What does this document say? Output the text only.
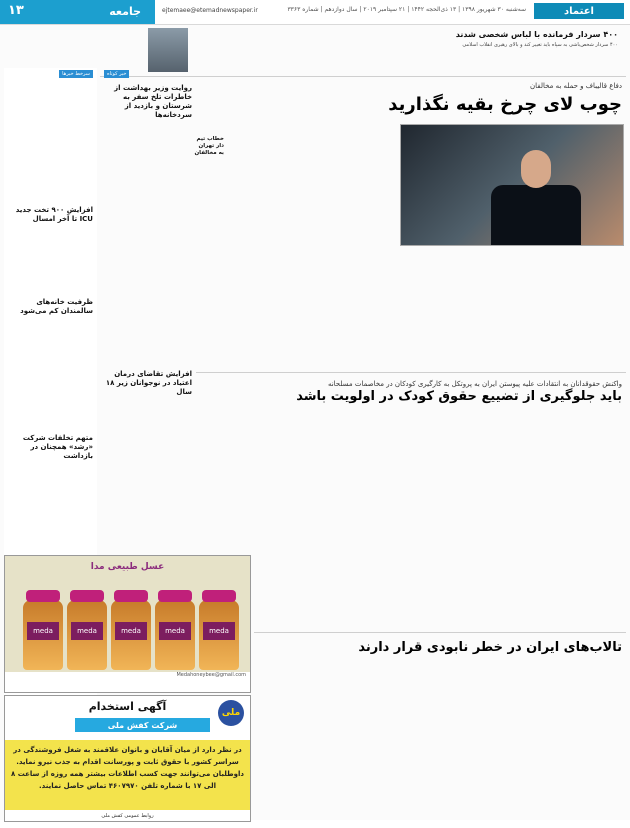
اعتماد
سه‌شنبه ۳۰ شهریور ۱۳۹۸ | ۱۳ ذی‌الحجه ۱۴۴۲ | ۲۱ سپتامبر ۲۰۱۹ | سال دوازدهم | شماره ۳۳۶۳
ejtemaee@etemadnewspaper.ir
جامعه
۱۳
۴۰۰ سردار فرمانده با لباس شخصی شدند
۴۰۰ سردار شخص‌باشی به سپاه باید تغییر کند و بالای رهبری انقلاب اسلامی
دفاع قالیباف و حمله به مخالفان
چوب لای چرخ بقیه نگذارید
خبر کوتاه
روایت وزیر بهداشت از خاطرات تلخ سفر به شرستان و بازدید از سردخانه‌ها
افزایش تقاضای درمان اعتیاد در نوجوانان زیر ۱۸ سال
خطاب تیم دار تهران به مخالفان
سرخط خبرها
افزایش ۹۰۰ تخت جدید ICU تا آخر امسال
ظرفیت خانه‌های سالمندان کم می‌شود
متهم تخلفات شرکت «رشد» همچنان در بازداشت
واکنش حقوقدانان به انتقادات علیه پیوستن ایران به پروتکل به کارگیری کودکان در مخاصمات مسلحانه
باید جلوگیری از تضییع حقوق کودک در اولویت باشد
تالاب‌های ایران در خطر نابودی قرار دارند
عسل طبیعی مدا
meda	meda	meda	meda	meda
Medahoneybee@gmail.com
آگهی استخدام	ملی
شرکت کفش ملی
در نظر دارد از میان آقایان و بانوان علاقمند به شغل فروشندگی در سراسر کشور با حقوق ثابت و پورسانت اقدام به جذب نیرو نماید. داوطلبان می‌توانند جهت کسب اطلاعات بیشتر همه روزه از ساعت ۸ الی ۱۷ با شماره تلفن ۴۶۰۷۹۷۰ تماس حاصل نمایند.
روابط عمومی کفش ملی
